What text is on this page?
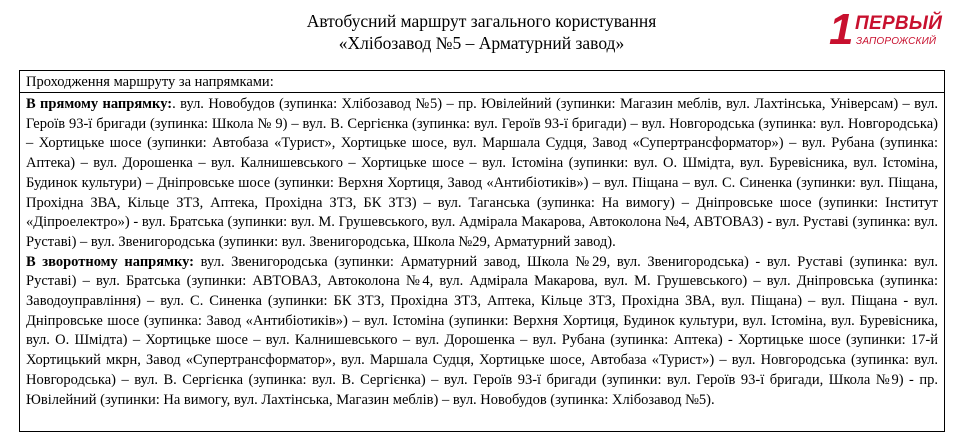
Автобусний маршрут загального користування
«Хлібозавод №5 – Арматурний завод»	1 ПЕРВЫЙ
ЗАПОРОЖСКИЙ
Проходження маршруту за напрямками:

В прямому напрямку:. вул. Новобудов (зупинка: Хлібозавод №5) – пр. Ювілейний (зупинки: Магазин меблів, вул. Лахтінська, Універсам) – вул. Героїв 93-ї бригади (зупинка: Школа № 9) – вул. В. Сергієнка (зупинка: вул. Героїв 93-ї бригади) – вул. Новгородська (зупинка: вул. Новгородська) – Хортицьке шосе (зупинки: Автобаза «Турист», Хортицьке шосе, вул. Маршала Судця, Завод «Супертрансформатор») – вул. Рубана (зупинка: Аптека) – вул. Дорошенка – вул. Калнишевського – Хортицьке шосе – вул. Істоміна (зупинки: вул. О. Шмідта, вул. Буревісника, вул. Істоміна, Будинок культури) – Дніпровське шосе (зупинки: Верхня Хортиця, Завод «Антибіотиків») – вул. Піщана – вул. С. Синенка (зупинки: вул. Піщана, Прохідна ЗВА, Кільце ЗТЗ, Аптека, Прохідна ЗТЗ, БК ЗТЗ) – вул. Таганська (зупинка: На вимогу) – Дніпровське шосе (зупинки: Інститут «Діпроелектро») - вул. Братська (зупинки: вул. М. Грушевського, вул. Адмірала Макарова, Автоколона №4, АВТОВАЗ) - вул. Руставі (зупинка: вул. Руставі) – вул. Звенигородська (зупинки: вул. Звенигородська, Школа №29, Арматурний завод).

В зворотному напрямку: вул. Звенигородська (зупинки: Арматурний завод, Школа №29, вул. Звенигородська) - вул. Руставі (зупинка: вул. Руставі) – вул. Братська (зупинки: АВТОВАЗ, Автоколона №4, вул. Адмірала Макарова, вул. М. Грушевського) – вул. Дніпровська (зупинка: Заводоуправління) – вул. С. Синенка (зупинки: БК ЗТЗ, Прохідна ЗТЗ, Аптека, Кільце ЗТЗ, Прохідна ЗВА, вул. Піщана) – вул. Піщана - вул. Дніпровське шосе (зупинка: Завод «Антибіотиків») – вул. Істоміна (зупинки: Верхня Хортиця, Будинок культури, вул. Істоміна, вул. Буревісника, вул. О. Шмідта) – Хортицьке шосе – вул. Калнишевського – вул. Дорошенка – вул. Рубана (зупинка: Аптека) - Хортицьке шосе (зупинки: 17-й Хортицький мкрн, Завод «Супертрансформатор», вул. Маршала Судця, Хортицьке шосе, Автобаза «Турист») – вул. Новгородська (зупинка: вул. Новгородська) – вул. В. Сергієнка (зупинка: вул. В. Сергієнка) – вул. Героїв 93-ї бригади (зупинки: вул. Героїв 93-ї бригади, Школа №9) - пр. Ювілейний (зупинки: На вимогу, вул. Лахтінська, Магазин меблів) – вул. Новобудов (зупинка: Хлібозавод №5).
